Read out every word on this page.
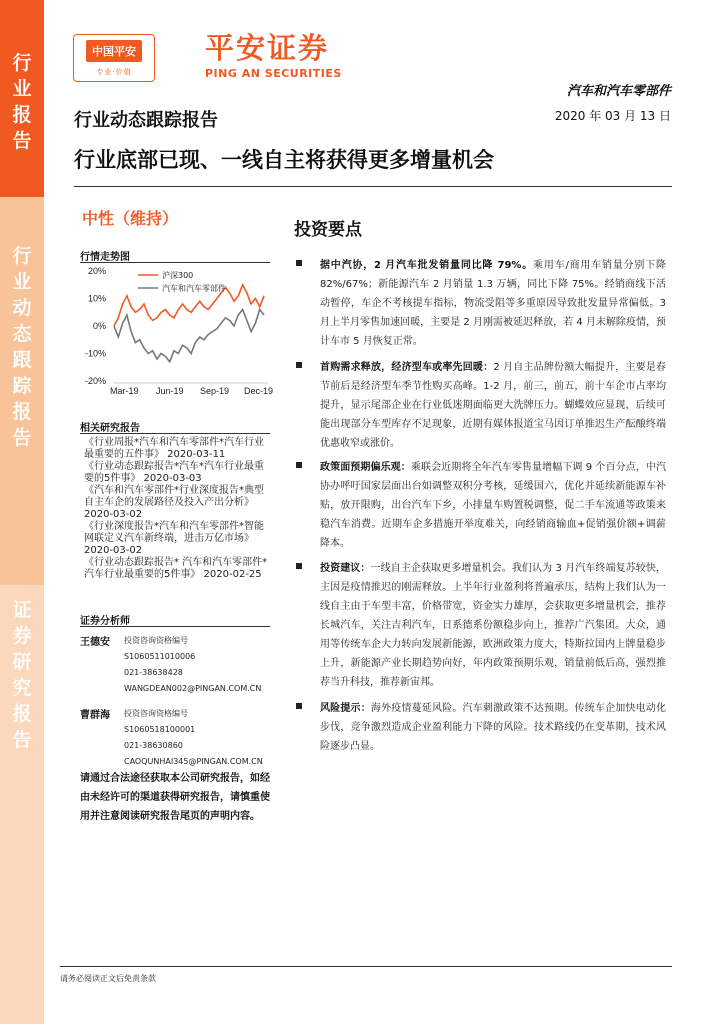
行业报告
行业动态跟踪报告
证券研究报告
中国平安
专业·价值
平安证券
PING AN SECURITIES
汽车和汽车零部件
行业动态跟踪报告	2020 年 03 月 13 日
行业底部已现、一线自主将获得更多增量机会
中性（维持）
行情走势图
20%
10%
0%
-10%
-20%
Mar-19 Jun-19 Sep-19 Dec-19
沪深300
汽车和汽车零部件
相关研究报告
《行业周报*汽车和汽车零部件*汽车行业最重要的五件事》 2020-03-11
《行业动态跟踪报告*汽车*汽车行业最重要的5件事》 2020-03-03
《汽车和汽车零部件*行业深度报告*典型自主车企的发展路径及投入产出分析》 2020-03-02
《行业深度报告*汽车和汽车零部件*智能网联定义汽车新终端，进击万亿市场》 2020-03-02
《行业动态跟踪报告* 汽车和汽车零部件*汽车行业最重要的5件事》 2020-02-25
证券分析师
王德安 投资咨询资格编号
S1060511010006
021-38638428
WANGDEAN002@PINGAN.COM.CN
曹群海 投资咨询资格编号
S1060518100001
021-38630860
CAOQUNHAI345@PINGAN.COM.CN
请通过合法途径获取本公司研究报告，如经由未经许可的渠道获得研究报告，请慎重使用并注意阅读研究报告尾页的声明内容。
投资要点
据中汽协，2 月汽车批发销量同比降 79%。乘用车/商用车销量分别下降 82%/67%；新能源汽车 2 月销量 1.3 万辆，同比下降 75%。经销商线下活动暂停，车企不考核提车指标，物流受阻等多重原因导致批发量异常偏低。3 月上半月零售加速回暖，主要是 2 月刚需被延迟释放，若 4 月末解除疫情，预计车市 5 月恢复正常。
首购需求释放，经济型车或率先回暖：2 月自主品牌份额大幅提升，主要是春节前后是经济型车季节性购买高峰。1-2 月，前三，前五，前十车企市占率均提升，显示尾部企业在行业低迷期面临更大洗牌压力。蝴蝶效应显现，后续可能出现部分车型库存不足现象，近期有媒体报道宝马因订单推迟生产酝酿终端优惠收窄或涨价。
政策面预期偏乐观：乘联会近期将全年汽车零售量增幅下调 9 个百分点，中汽协办呼吁国家层面出台如调整双积分考核，延缓国六，优化并延续新能源车补贴，放开限购，出台汽车下乡，小排量车购置税调整，促二手车流通等政策来稳汽车消费。近期车企多措施开举度难关，向经销商输血+促销强价额+调薪降本。
投资建议：一线自主企获取更多增量机会。我们认为 3 月汽车终端复苏较快，主因是疫情推迟的刚需释放。上半年行业盈利将普遍承压，结构上我们认为一线自主由于车型丰富，价格带宽，资金实力雄厚，会获取更多增量机会，推荐长城汽车，关注吉利汽车，日系德系份额稳步向上，推荐广汽集团。大众，通用等传统车企大力转向发展新能源，欧洲政策力度大，特斯拉国内上牌量稳步上升，新能源产业长期趋势向好，年内政策预期乐观，销量前低后高，强烈推荐当升科技，推荐新宙邦。
风险提示：海外疫情蔓延风险。汽车刺激政策不达预期。传统车企加快电动化步伐，竞争激烈造成企业盈利能力下降的风险。技术路线仍在变革期，技术风险逐步凸显。
请务必阅读正文后免责条款
